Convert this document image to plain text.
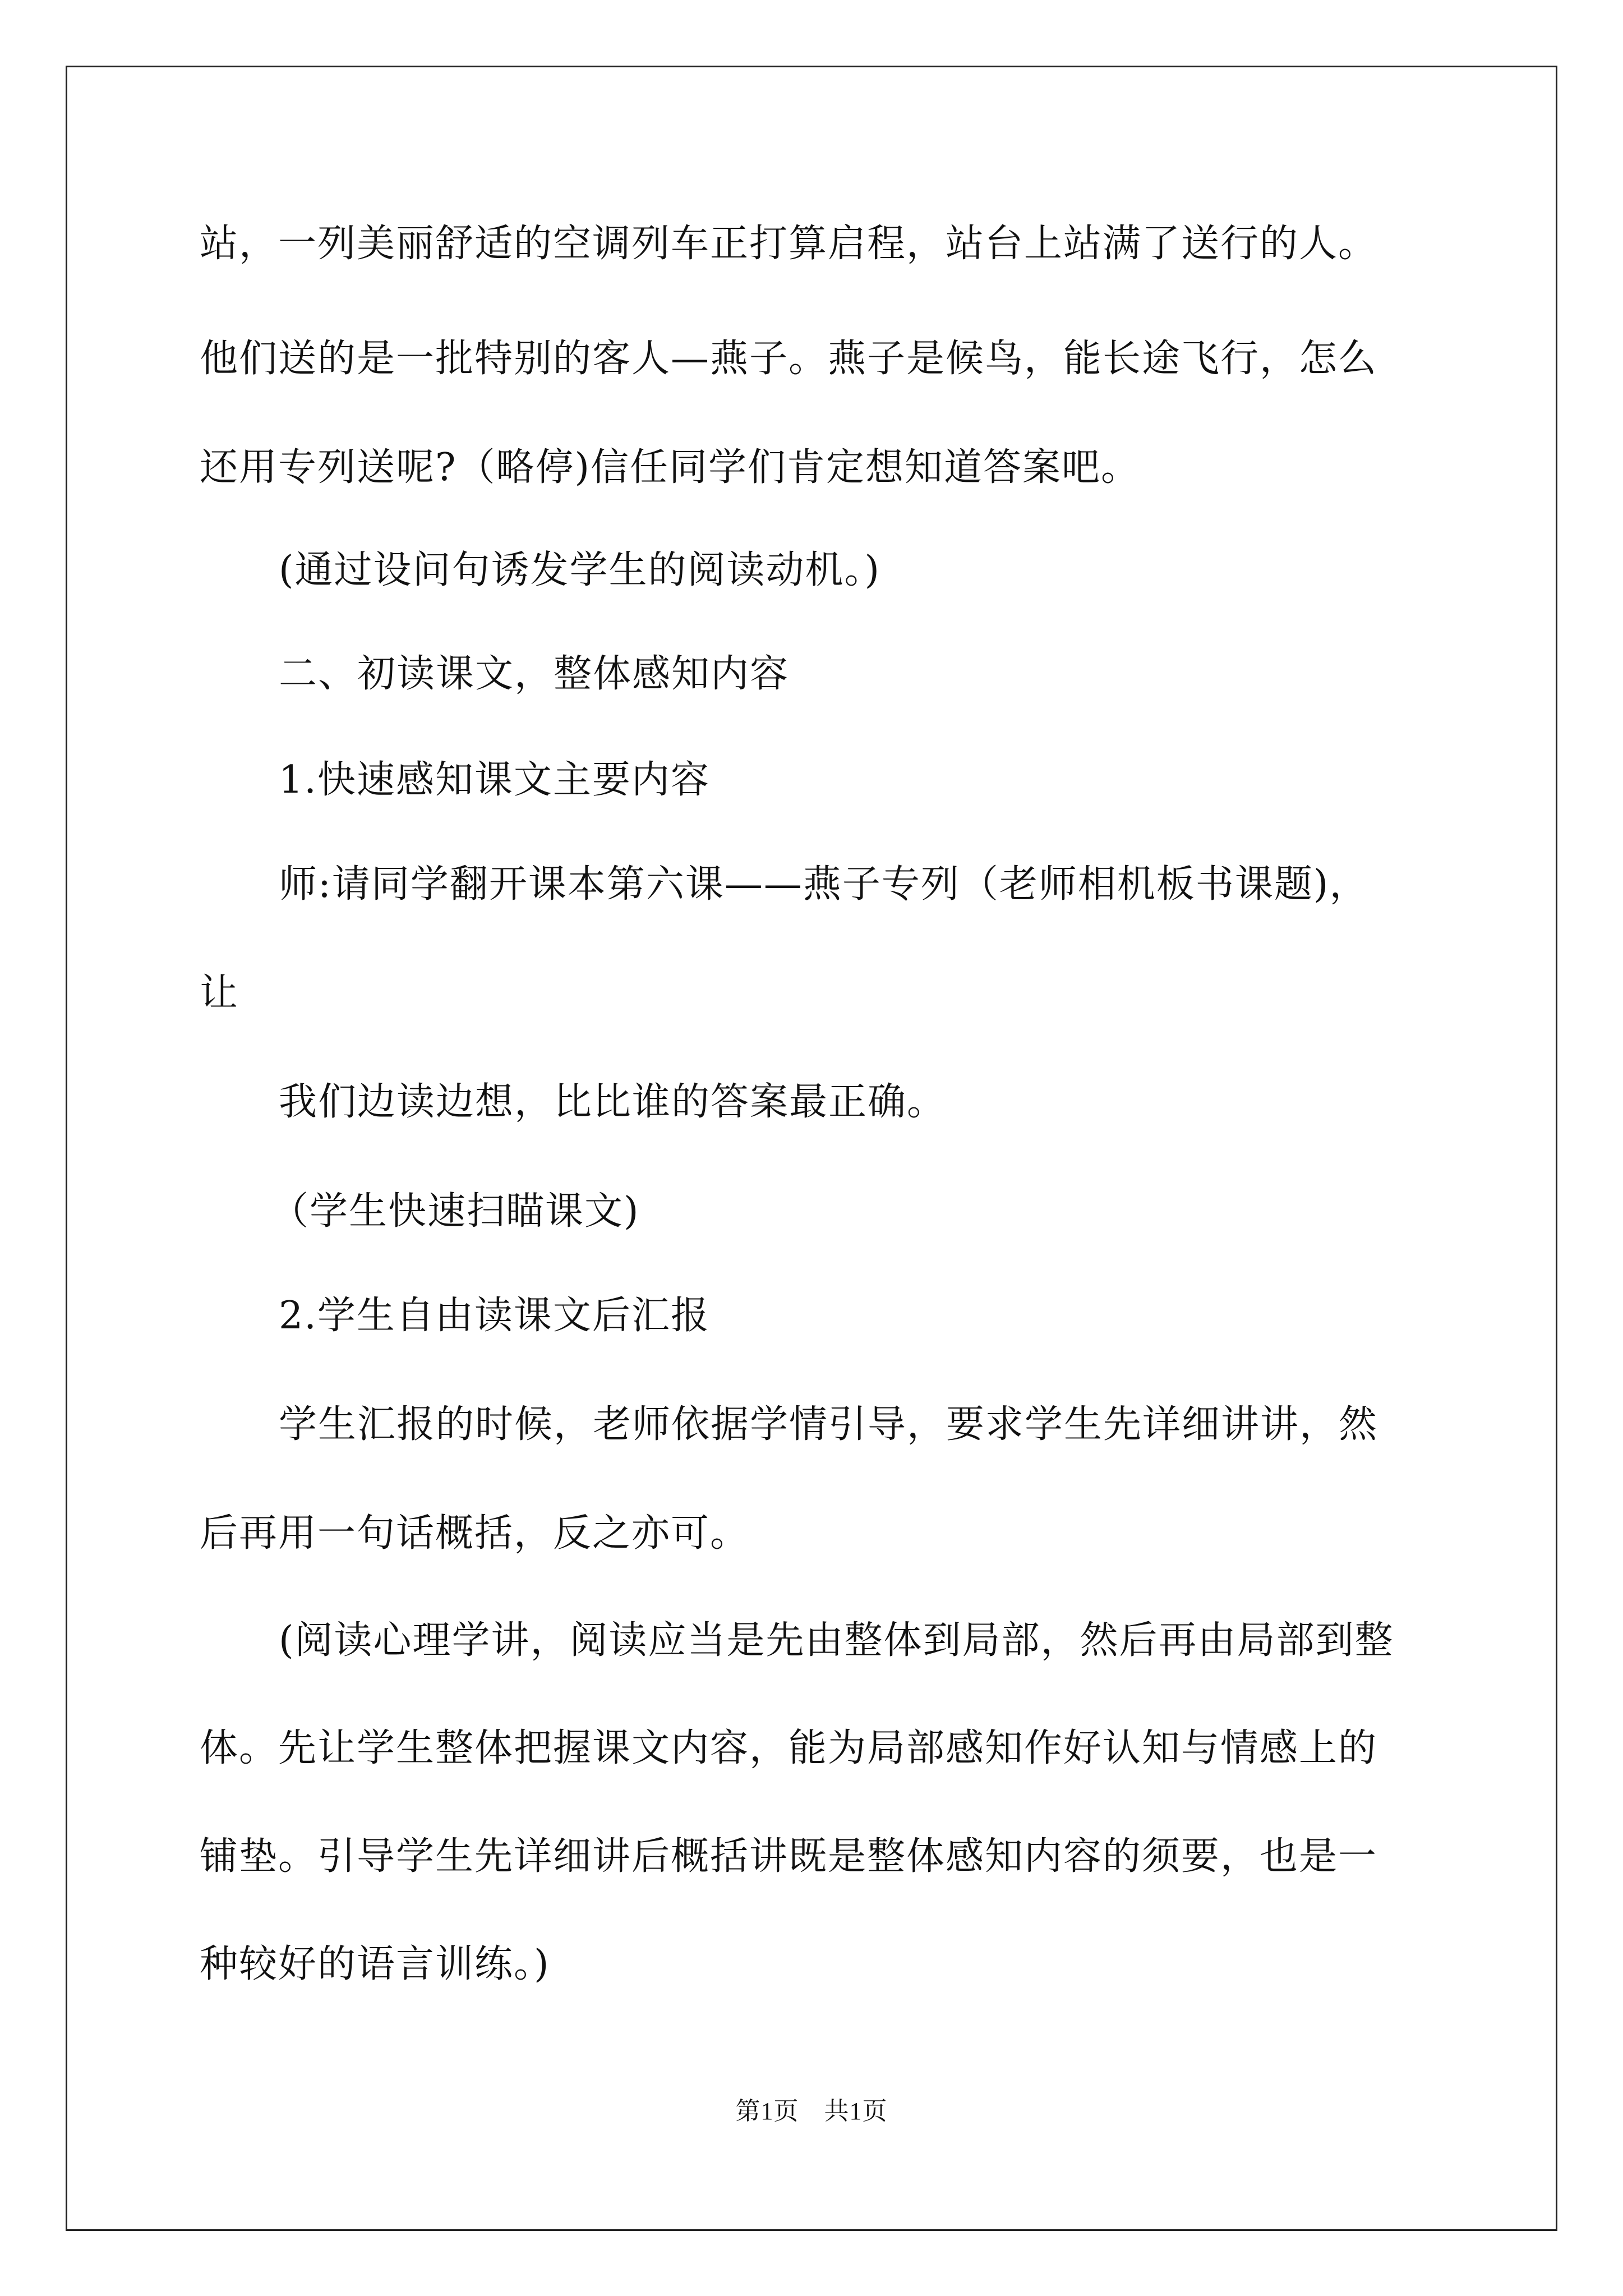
站，一列美丽舒适的空调列车正打算启程，站台上站满了送行的人。
他们送的是一批特别的客人—燕子。燕子是候鸟，能长途飞行，怎么
还用专列送呢?（略停)信任同学们肯定想知道答案吧。
(通过设问句诱发学生的阅读动机。)
二、初读课文，整体感知内容
1.快速感知课文主要内容
师:请同学翻开课本第六课——燕子专列（老师相机板书课题)，
让
我们边读边想，比比谁的答案最正确。
（学生快速扫瞄课文)
2.学生自由读课文后汇报
学生汇报的时候，老师依据学情引导，要求学生先详细讲讲，然
后再用一句话概括，反之亦可。
(阅读心理学讲，阅读应当是先由整体到局部，然后再由局部到整
体。先让学生整体把握课文内容，能为局部感知作好认知与情感上的
铺垫。引导学生先详细讲后概括讲既是整体感知内容的须要，也是一
种较好的语言训练。)
第1页　共1页
